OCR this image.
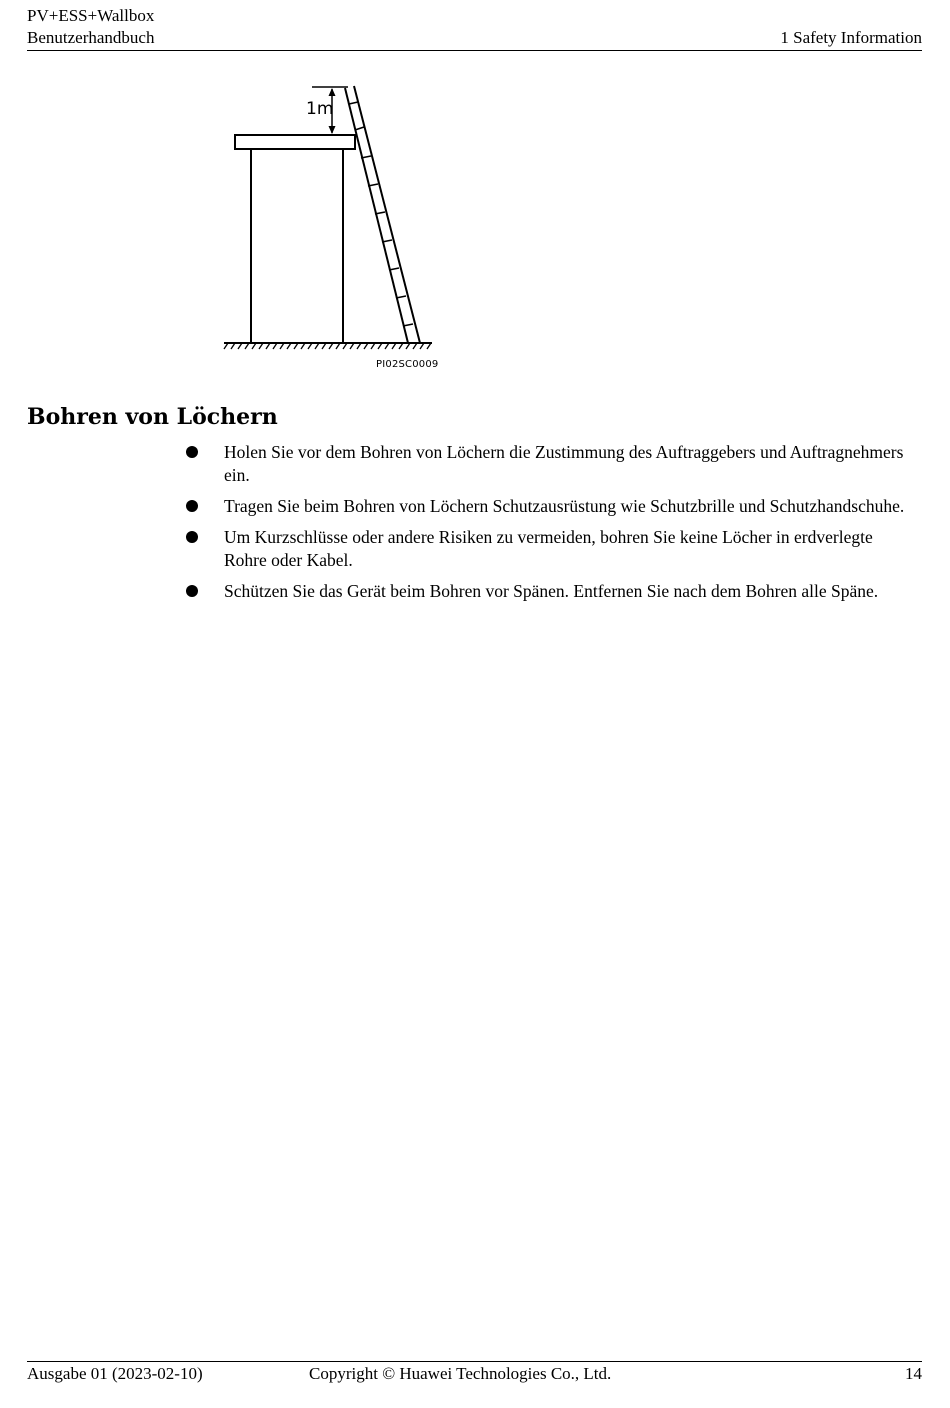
PV+ESS+Wallbox
Benutzerhandbuch	1 Safety Information
1m
PI02SC0009
Bohren von Löchern
Holen Sie vor dem Bohren von Löchern die Zustimmung des Auftraggebers und Auftragnehmers ein.
Tragen Sie beim Bohren von Löchern Schutzausrüstung wie Schutzbrille und Schutzhandschuhe.
Um Kurzschlüsse oder andere Risiken zu vermeiden, bohren Sie keine Löcher in erdverlegte Rohre oder Kabel.
Schützen Sie das Gerät beim Bohren vor Spänen. Entfernen Sie nach dem Bohren alle Späne.
Ausgabe 01 (2023-02-10)	Copyright © Huawei Technologies Co., Ltd.	14
